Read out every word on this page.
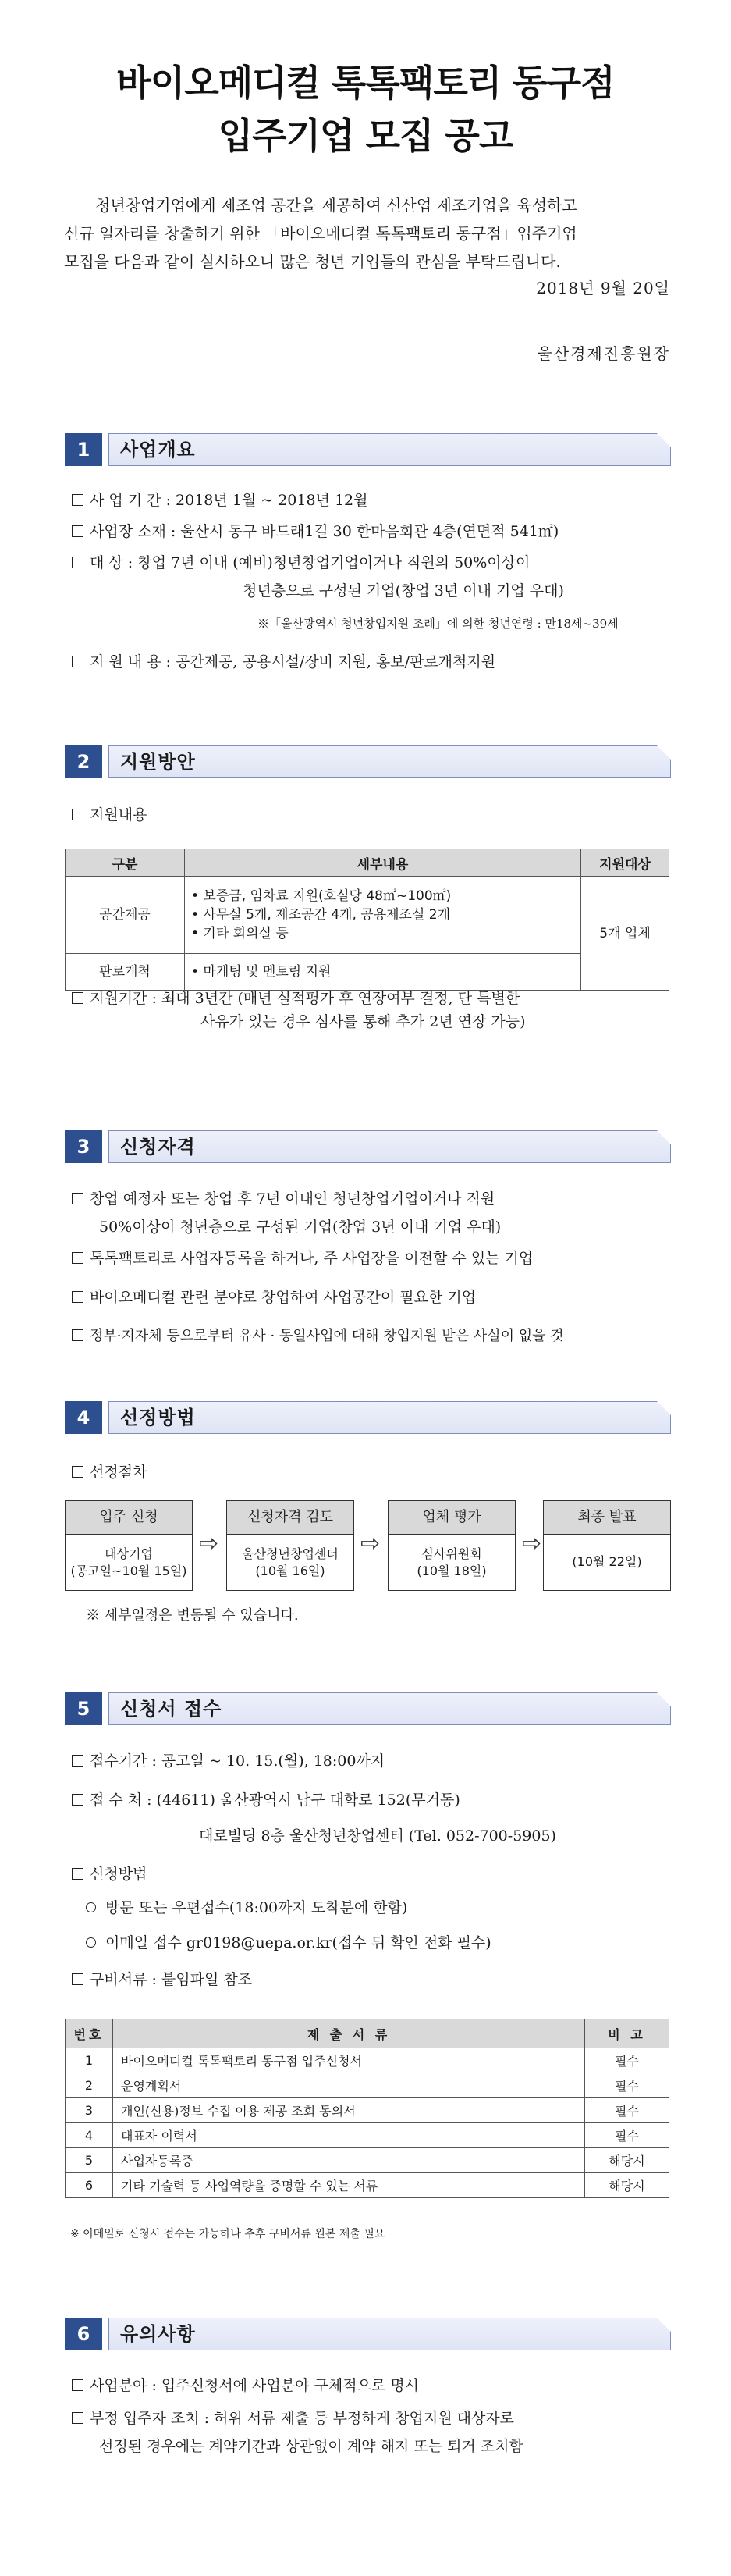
바이오메디컬 톡톡팩토리 동구점
입주기업 모집 공고

청년창업기업에게 제조업 공간을 제공하여 신산업 제조기업을 육성하고

신규 일자리를 창출하기 위한 「바이오메디컬 톡톡팩토리 동구점」입주기업

모집을 다음과 같이 실시하오니 많은 청년 기업들의 관심을 부탁드립니다.

2018년 9월 20일
울산경제진흥원장
1	사업개요
사 업 기 간 : 2018년 1월 ~ 2018년 12월
사업장 소재 : 울산시 동구 바드래1길 30 한마음회관 4층(연면적 541㎡)
대 상 : 창업 7년 이내 (예비)청년창업기업이거나 직원의 50%이상이
청년층으로 구성된 기업(창업 3년 이내 기업 우대)
※「울산광역시 청년창업지원 조례」에 의한 청년연령 : 만18세~39세
지 원 내 용 : 공간제공, 공용시설/장비 지원, 홍보/판로개척지원
2	지원방안
지원내용
구분	세부내용	지원대상
공간제공	• 보증금, 임차료 지원(호실당 48㎡~100㎡)
• 사무실 5개, 제조공간 4개, 공용제조실 2개
• 기타 회의실 등	5개 업체
판로개척	• 마케팅 및 멘토링 지원	
지원기간 : 최대 3년간 (매년 실적평가 후 연장여부 결정, 단 특별한
사유가 있는 경우 심사를 통해 추가 2년 연장 가능)
3	신청자격
창업 예정자 또는 창업 후 7년 이내인 청년창업기업이거나 직원
50%이상이 청년층으로 구성된 기업(창업 3년 이내 기업 우대)
톡톡팩토리로 사업자등록을 하거나, 주 사업장을 이전할 수 있는 기업
바이오메디컬 관련 분야로 창업하여 사업공간이 필요한 기업
정부·지자체 등으로부터 유사 · 동일사업에 대해 창업지원 받은 사실이 없을 것
4	선정방법
선정절차
입주 신청
대상기업
(공고일~10월 15일)
⇨
신청자격 검토
울산청년창업센터
(10월 16일)
⇨
업체 평가
심사위원회
(10월 18일)
⇨
최종 발표
(10월 22일)
※ 세부일정은 변동될 수 있습니다.
5	신청서 접수
접수기간 : 공고일 ~ 10. 15.(월), 18:00까지
접 수 처 : (44611) 울산광역시 남구 대학로 152(무거동)
대로빌딩 8층 울산청년창업센터 (Tel. 052-700-5905)
신청방법
방문 또는 우편접수(18:00까지 도착분에 한함)
이메일 접수 gr0198@uepa.or.kr(접수 뒤 확인 전화 필수)
구비서류 : 붙임파일 참조
번호	제 출 서 류	비 고
1	바이오메디컬 톡톡팩토리 동구점 입주신청서	필수
2	운영계획서	필수
3	개인(신용)정보 수집 이용 제공 조회 동의서	필수
4	대표자 이력서	필수
5	사업자등록증	해당시
6	기타 기술력 등 사업역량을 증명할 수 있는 서류	해당시
※ 이메일로 신청시 접수는 가능하나 추후 구비서류 원본 제출 필요
6	유의사항
사업분야 : 입주신청서에 사업분야 구체적으로 명시
부정 입주자 조치 : 허위 서류 제출 등 부정하게 창업지원 대상자로
선정된 경우에는 계약기간과 상관없이 계약 해지 또는 퇴거 조치함
